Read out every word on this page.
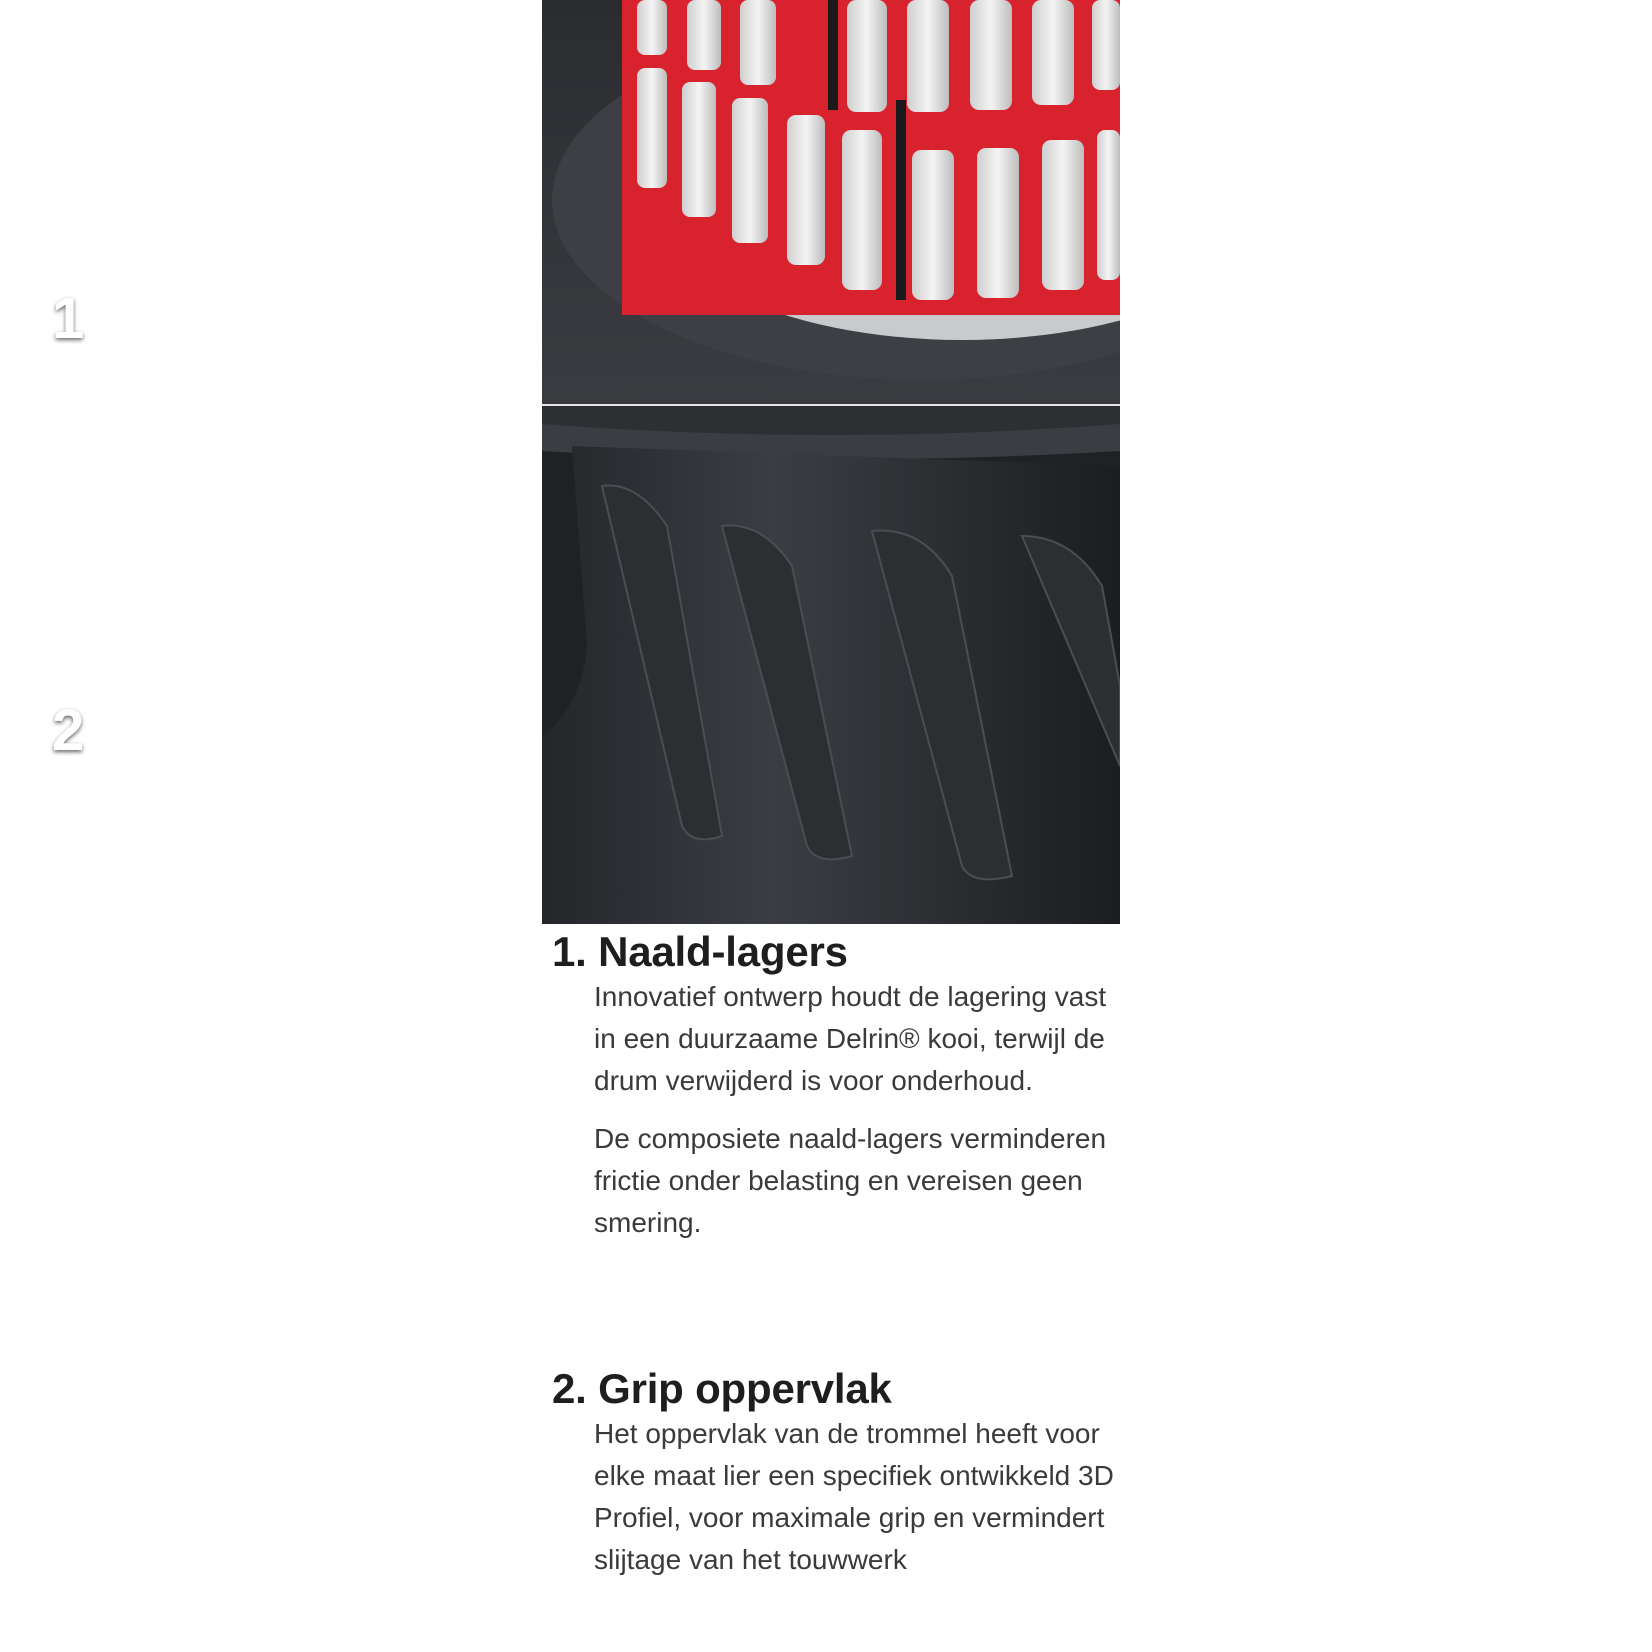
1
2
1. Naald-lagers

Innovatief ontwerp houdt de lagering vast in een duurzaame Delrin® kooi, terwijl de drum verwijderd is voor onderhoud.

De composiete naald-lagers verminderen frictie onder belasting en vereisen geen smering.

2. Grip oppervlak

Het oppervlak van de trommel heeft voor elke maat lier een specifiek ontwikkeld 3D Profiel, voor maximale grip en vermindert slijtage van het touwwerk
